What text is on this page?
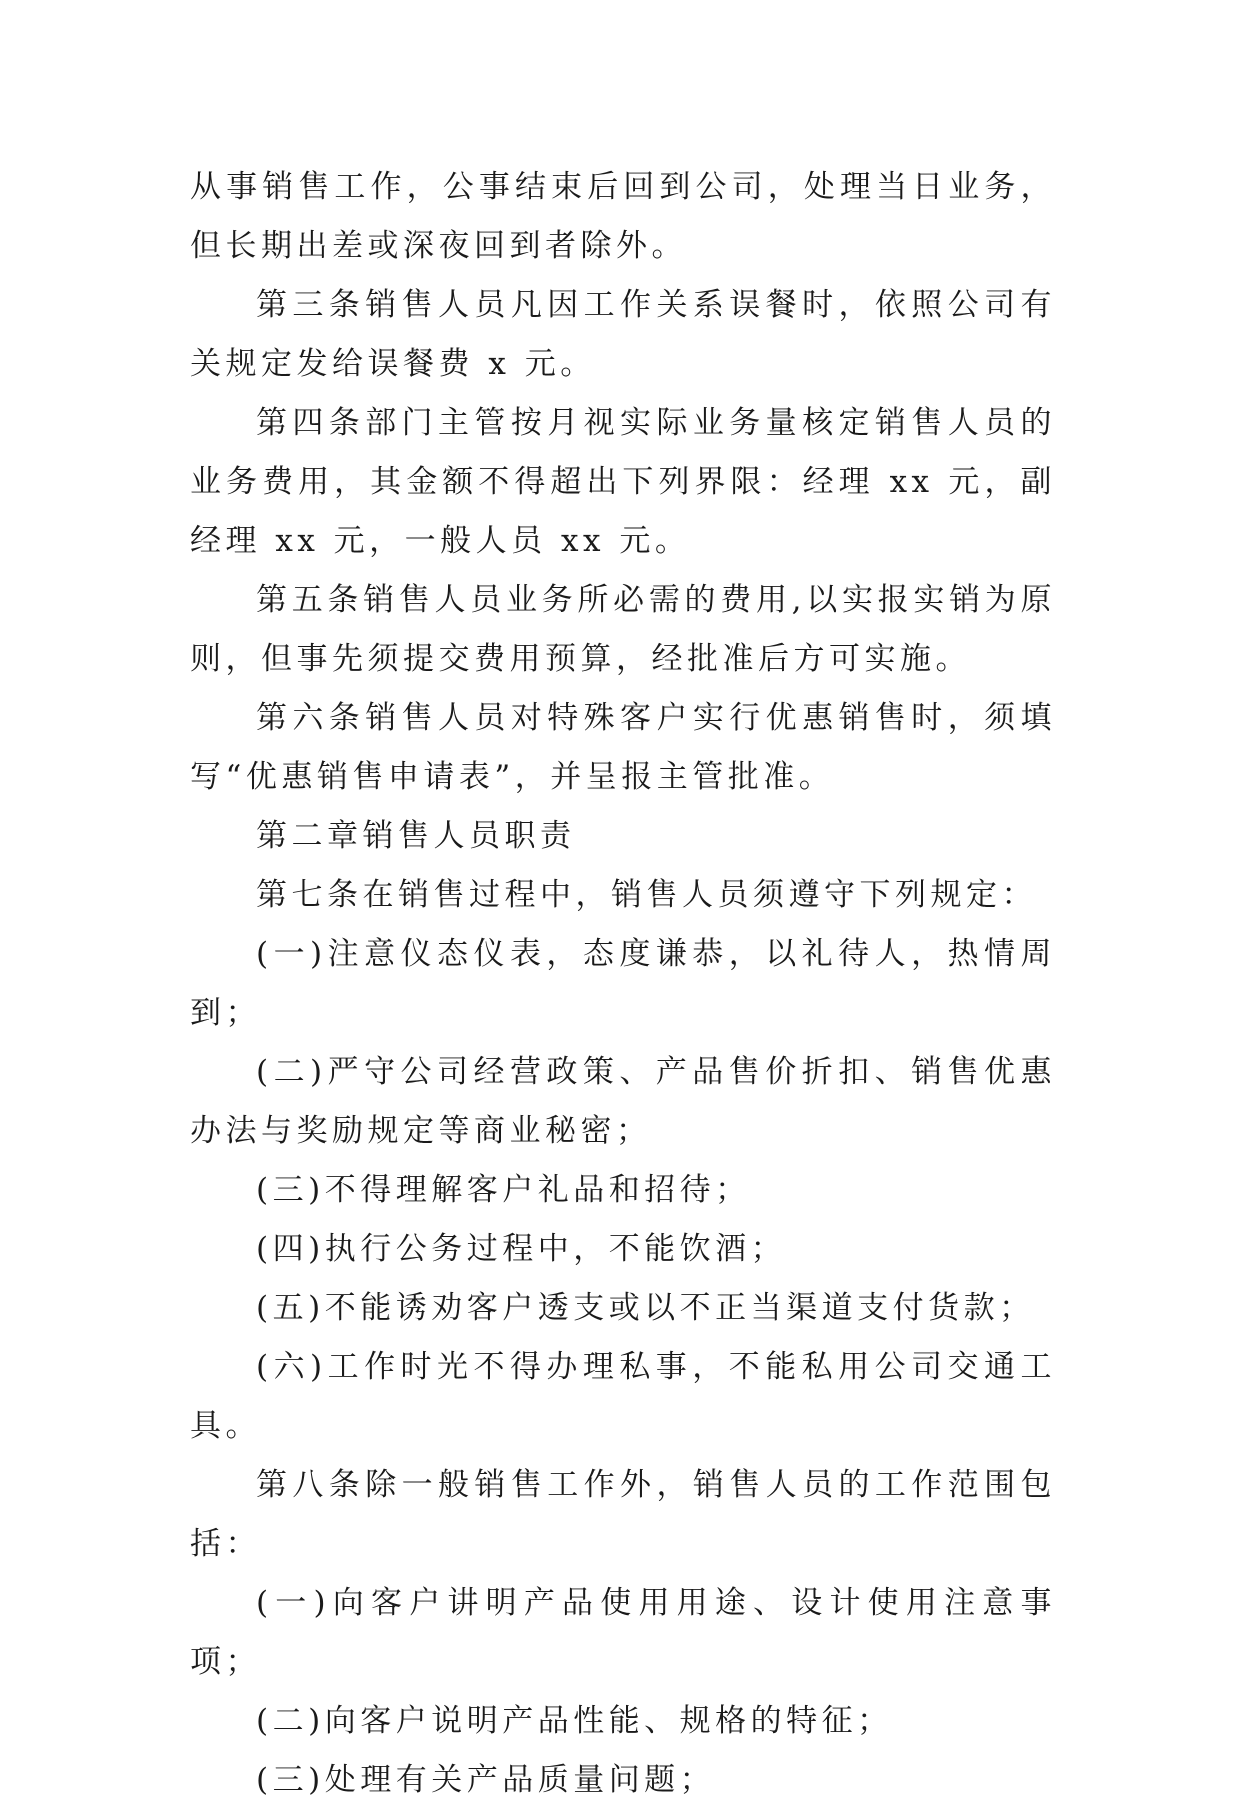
从事销售工作，公事结束后回到公司，处理当日业务，但长期出差或深夜回到者除外。

第三条销售人员凡因工作关系误餐时，依照公司有关规定发给误餐费 x 元。

第四条部门主管按月视实际业务量核定销售人员的业务费用，其金额不得超出下列界限：经理 xx 元，副经理 xx 元，一般人员 xx 元。

第五条销售人员业务所必需的费用,以实报实销为原则，但事先须提交费用预算，经批准后方可实施。

第六条销售人员对特殊客户实行优惠销售时，须填写“优惠销售申请表”，并呈报主管批准。

第二章销售人员职责

第七条在销售过程中，销售人员须遵守下列规定：

(一)注意仪态仪表，态度谦恭，以礼待人，热情周到；

(二)严守公司经营政策、产品售价折扣、销售优惠办法与奖励规定等商业秘密；

(三)不得理解客户礼品和招待；

(四)执行公务过程中，不能饮酒；

(五)不能诱劝客户透支或以不正当渠道支付货款；

(六)工作时光不得办理私事，不能私用公司交通工具。

第八条除一般销售工作外，销售人员的工作范围包括：

(一)向客户讲明产品使用用途、设计使用注意事项；

(二)向客户说明产品性能、规格的特征；

(三)处理有关产品质量问题；
